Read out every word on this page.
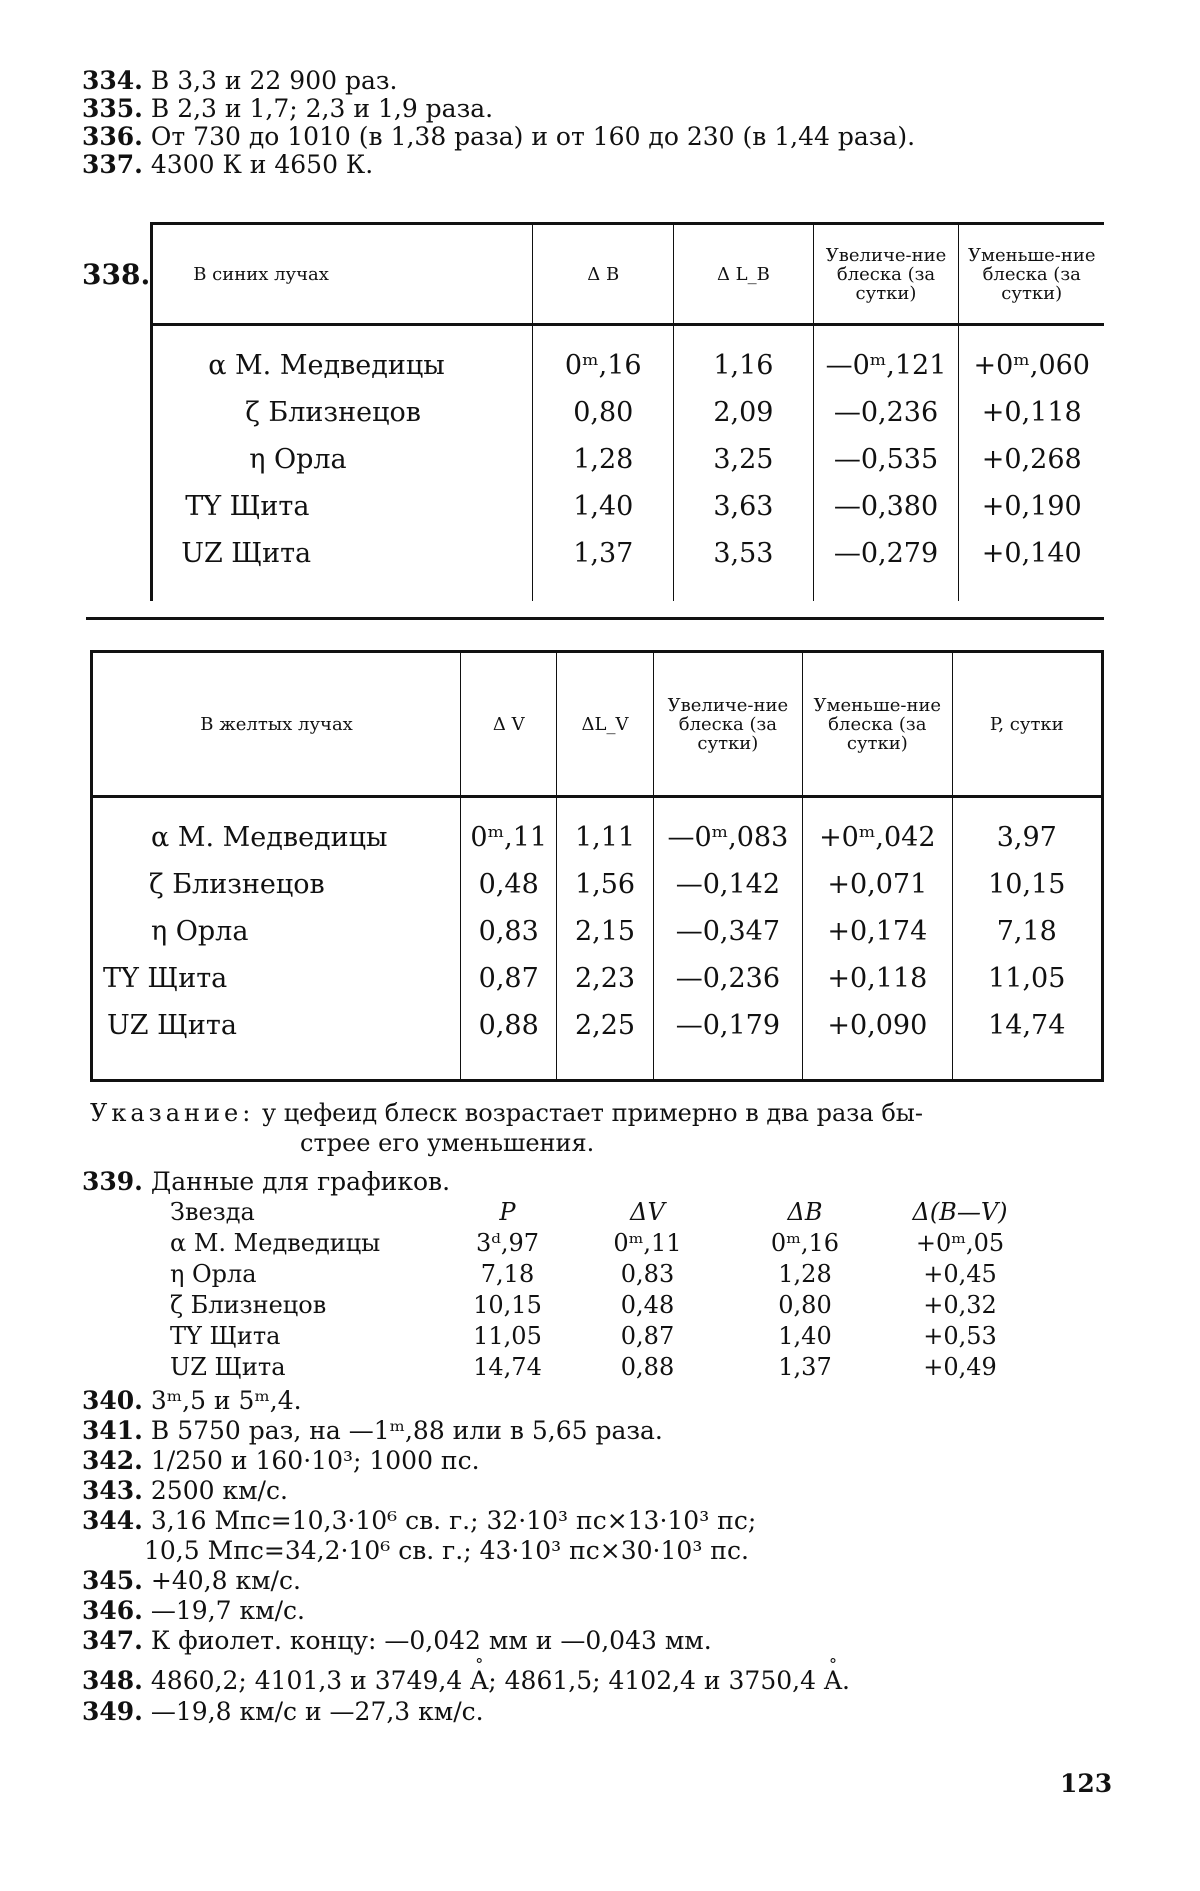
334. В 3,3 и 22 900 раз.
335. В 2,3 и 1,7; 2,3 и 1,9 раза.
336. От 730 до 1010 (в 1,38 раза) и от 160 до 230 (в 1,44 раза).
337. 4300 К и 4650 К.
338.	В синих лучах	Δ B	Δ L_B	Увеличе-ние блеска (за сутки)	Уменьше-ние блеска (за сутки)

	α М. Медведицы	0ᵐ,16	1,16	—0ᵐ,121	+0ᵐ,060
	ζ Близнецов	0,80	2,09	—0,236	+0,118
	η Орла	1,28	3,25	—0,535	+0,268
	TY Щита	1,40	3,63	—0,380	+0,190
	UZ Щита	1,37	3,53	—0,279	+0,140

В желтых лучах	Δ V	ΔL_V	Увеличе-ние блеска (за сутки)	Уменьше-ние блеска (за сутки)	P, сутки

α М. Медведицы	0ᵐ,11	1,11	—0ᵐ,083	+0ᵐ,042	3,97
ζ Близнецов	0,48	1,56	—0,142	+0,071	10,15
η Орла	0,83	2,15	—0,347	+0,174	7,18
TY Щита	0,87	2,23	—0,236	+0,118	11,05
UZ Щита	0,88	2,25	—0,179	+0,090	14,74

Указание: у цефеид блеск возрастает примерно в два раза бы-
стрее его уменьшения.
339. Данные для графиков.
Звезда	P	ΔV	ΔB	Δ(B—V)
α М. Медведицы	3ᵈ,97	0ᵐ,11	0ᵐ,16	+0ᵐ,05
η Орла	7,18	0,83	1,28	+0,45
ζ Близнецов	10,15	0,48	0,80	+0,32
TY Щита	11,05	0,87	1,40	+0,53
UZ Щита	14,74	0,88	1,37	+0,49
340. 3ᵐ,5 и 5ᵐ,4.
341. В 5750 раз, на —1ᵐ,88 или в 5,65 раза.
342. 1/250 и 160·10³; 1000 пс.
343. 2500 км/с.
344. 3,16 Мпс=10,3·10⁶ св. г.; 32·10³ пс×13·10³ пс;
10,5 Мпс=34,2·10⁶ св. г.; 43·10³ пс×30·10³ пс.
345. +40,8 км/с.
346. —19,7 км/с.
347. К фиолет. концу: —0,042 мм и —0,043 мм.
348. 4860,2; 4101,3 и 3749,4 ° A; 4861,5; 4102,4 и 3750,4 ° A.
349. —19,8 км/с и —27,3 км/с.
123
